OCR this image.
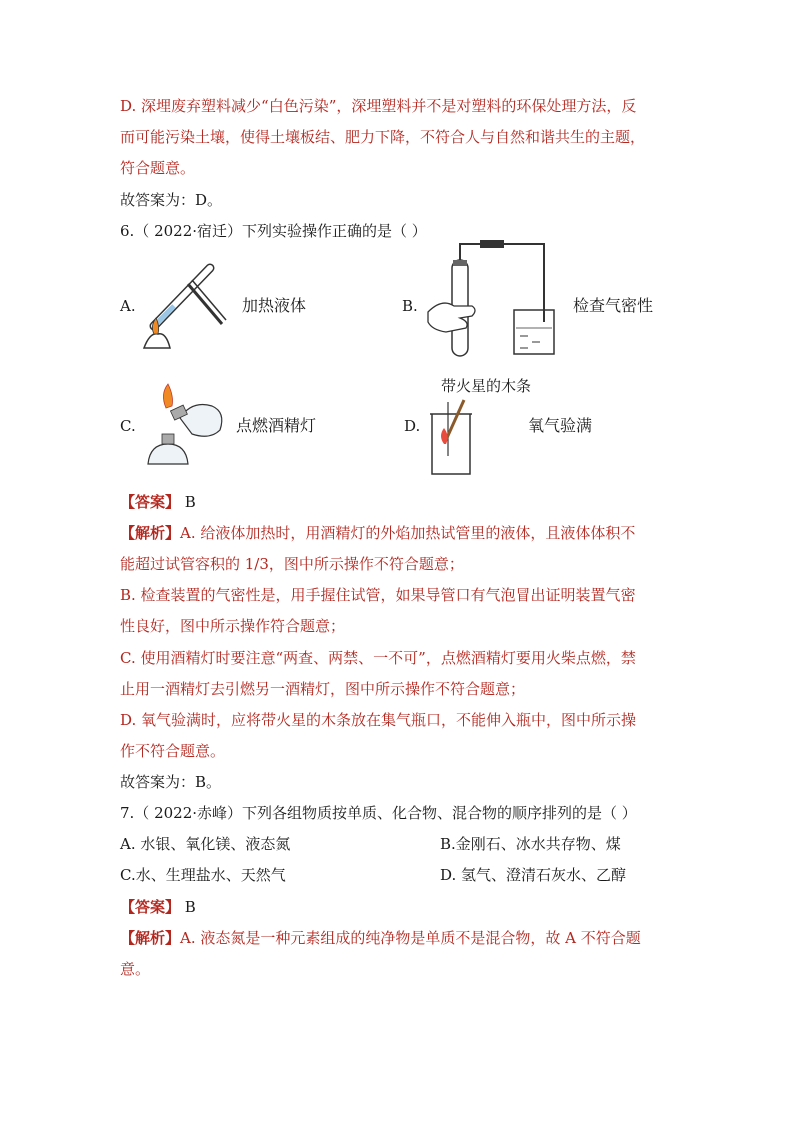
D. 深埋废弃塑料减少“白色污染”，深埋塑料并不是对塑料的环保处理方法，反
而可能污染土壤，使得土壤板结、肥力下降，不符合人与自然和谐共生的主题，
符合题意。
故答案为：D。
6.（ 2022·宿迁）下列实验操作正确的是（ ）
A.	加热液体	B.	检查气密性
C.	点燃酒精灯
带火星的木条
D.	氧气验满
【答案】 B
【解析】A. 给液体加热时，用酒精灯的外焰加热试管里的液体，且液体体积不
能超过试管容积的 1/3，图中所示操作不符合题意；
B. 检查装置的气密性是，用手握住试管，如果导管口有气泡冒出证明装置气密
性良好，图中所示操作符合题意；
C. 使用酒精灯时要注意“两查、两禁、一不可”，点燃酒精灯要用火柴点燃，禁
止用一酒精灯去引燃另一酒精灯，图中所示操作不符合题意；
D. 氧气验满时，应将带火星的木条放在集气瓶口，不能伸入瓶中，图中所示操
作不符合题意。
故答案为：B。
7.（ 2022·赤峰）下列各组物质按单质、化合物、混合物的顺序排列的是（ ）
A. 水银、氧化镁、液态氮	B.金刚石、冰水共存物、煤
C.水、生理盐水、天然气	D. 氢气、澄清石灰水、乙醇
【答案】 B
【解析】A. 液态氮是一种元素组成的纯净物是单质不是混合物，故 A 不符合题
意。
